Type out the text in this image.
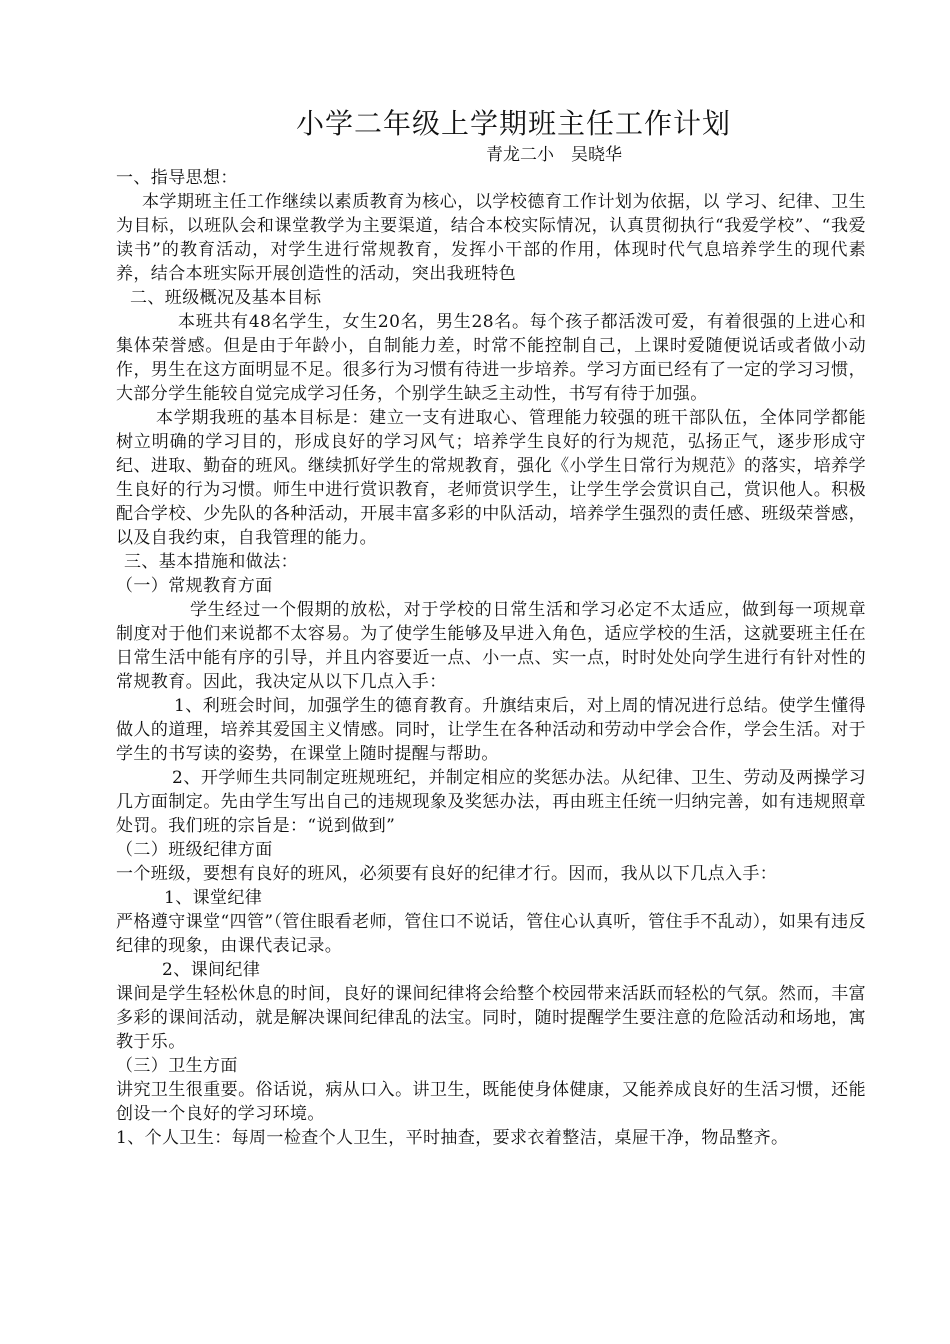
小学二年级上学期班主任工作计划

青龙二小　吴晓华

一、指导思想：

本学期班主任工作继续以素质教育为核心，以学校德育工作计划为依据，以 学习、纪律、卫生为目标，以班队会和课堂教学为主要渠道，结合本校实际情况，认真贯彻执行“我爱学校”、“我爱读书”的教育活动，对学生进行常规教育，发挥小干部的作用，体现时代气息培养学生的现代素养，结合本班实际开展创造性的活动，突出我班特色

二、班级概况及基本目标

本班共有48名学生，女生20名，男生28名。每个孩子都活泼可爱，有着很强的上进心和集体荣誉感。但是由于年龄小，自制能力差，时常不能控制自己，上课时爱随便说话或者做小动作，男生在这方面明显不足。很多行为习惯有待进一步培养。学习方面已经有了一定的学习习惯，大部分学生能较自觉完成学习任务，个别学生缺乏主动性，书写有待于加强。

本学期我班的基本目标是：建立一支有进取心、管理能力较强的班干部队伍，全体同学都能树立明确的学习目的，形成良好的学习风气；培养学生良好的行为规范，弘扬正气，逐步形成守纪、进取、勤奋的班风。继续抓好学生的常规教育，强化《小学生日常行为规范》的落实，培养学生良好的行为习惯。师生中进行赏识教育，老师赏识学生，让学生学会赏识自己，赏识他人。积极配合学校、少先队的各种活动，开展丰富多彩的中队活动，培养学生强烈的责任感、班级荣誉感，以及自我约束，自我管理的能力。

三、基本措施和做法：

（一）常规教育方面

学生经过一个假期的放松，对于学校的日常生活和学习必定不太适应，做到每一项规章制度对于他们来说都不太容易。为了使学生能够及早进入角色，适应学校的生活，这就要班主任在日常生活中能有序的引导，并且内容要近一点、小一点、实一点，时时处处向学生进行有针对性的常规教育。因此，我决定从以下几点入手：

1、利班会时间，加强学生的德育教育。升旗结束后，对上周的情况进行总结。使学生懂得做人的道理，培养其爱国主义情感。同时，让学生在各种活动和劳动中学会合作，学会生活。对于学生的书写读的姿势，在课堂上随时提醒与帮助。

2、开学师生共同制定班规班纪，并制定相应的奖惩办法。从纪律、卫生、劳动及两操学习几方面制定。先由学生写出自己的违规现象及奖惩办法，再由班主任统一归纳完善，如有违规照章处罚。我们班的宗旨是：“说到做到”

（二）班级纪律方面

一个班级，要想有良好的班风，必须要有良好的纪律才行。因而，我从以下几点入手：

1、课堂纪律

严格遵守课堂“四管”（管住眼看老师，管住口不说话，管住心认真听，管住手不乱动），如果有违反纪律的现象，由课代表记录。

2、课间纪律

课间是学生轻松休息的时间，良好的课间纪律将会给整个校园带来活跃而轻松的气氛。然而，丰富多彩的课间活动，就是解决课间纪律乱的法宝。同时，随时提醒学生要注意的危险活动和场地，寓教于乐。

（三）卫生方面

讲究卫生很重要。俗话说，病从口入。讲卫生，既能使身体健康，又能养成良好的生活习惯，还能创设一个良好的学习环境。

1、个人卫生：每周一检查个人卫生，平时抽查，要求衣着整洁，桌屉干净，物品整齐。
